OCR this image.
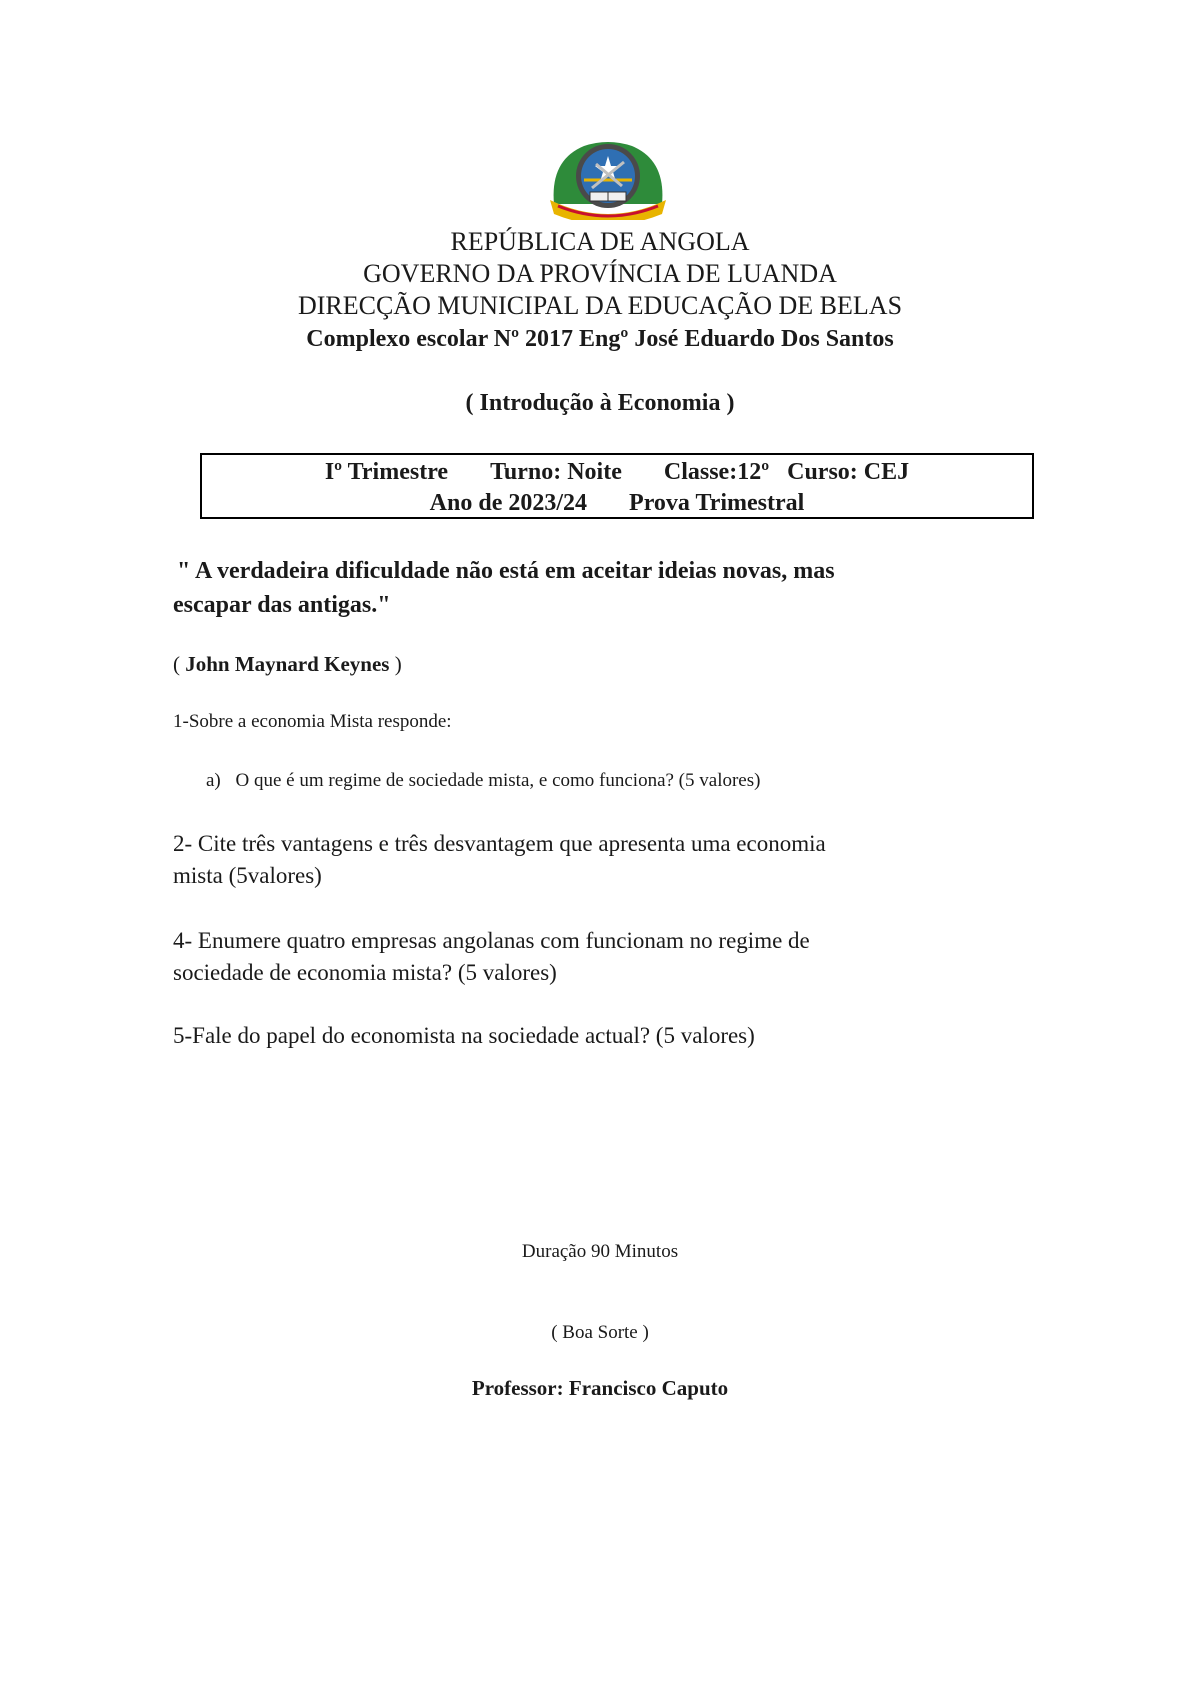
REPÚBLICA DE ANGOLA
GOVERNO DA PROVÍNCIA DE LUANDA
DIRECÇÃO MUNICIPAL DA EDUCAÇÃO DE BELAS
Complexo escolar Nº 2017 Engº José Eduardo Dos Santos
( Introdução à Economia )
Iº Trimestre Turno: Noite Classe:12º Curso: CEJ
Ano de 2023/24 Prova Trimestral
" A verdadeira dificuldade não está em aceitar ideias novas, mas
escapar das antigas."
( John Maynard Keynes )
1-Sobre a economia Mista responde:
a) O que é um regime de sociedade mista, e como funciona? (5 valores)
2- Cite três vantagens e três desvantagem que apresenta uma economia
mista (5valores)
4- Enumere quatro empresas angolanas com funcionam no regime de
sociedade de economia mista? (5 valores)
5-Fale do papel do economista na sociedade actual? (5 valores)
Duração 90 Minutos
( Boa Sorte )
Professor: Francisco Caputo
